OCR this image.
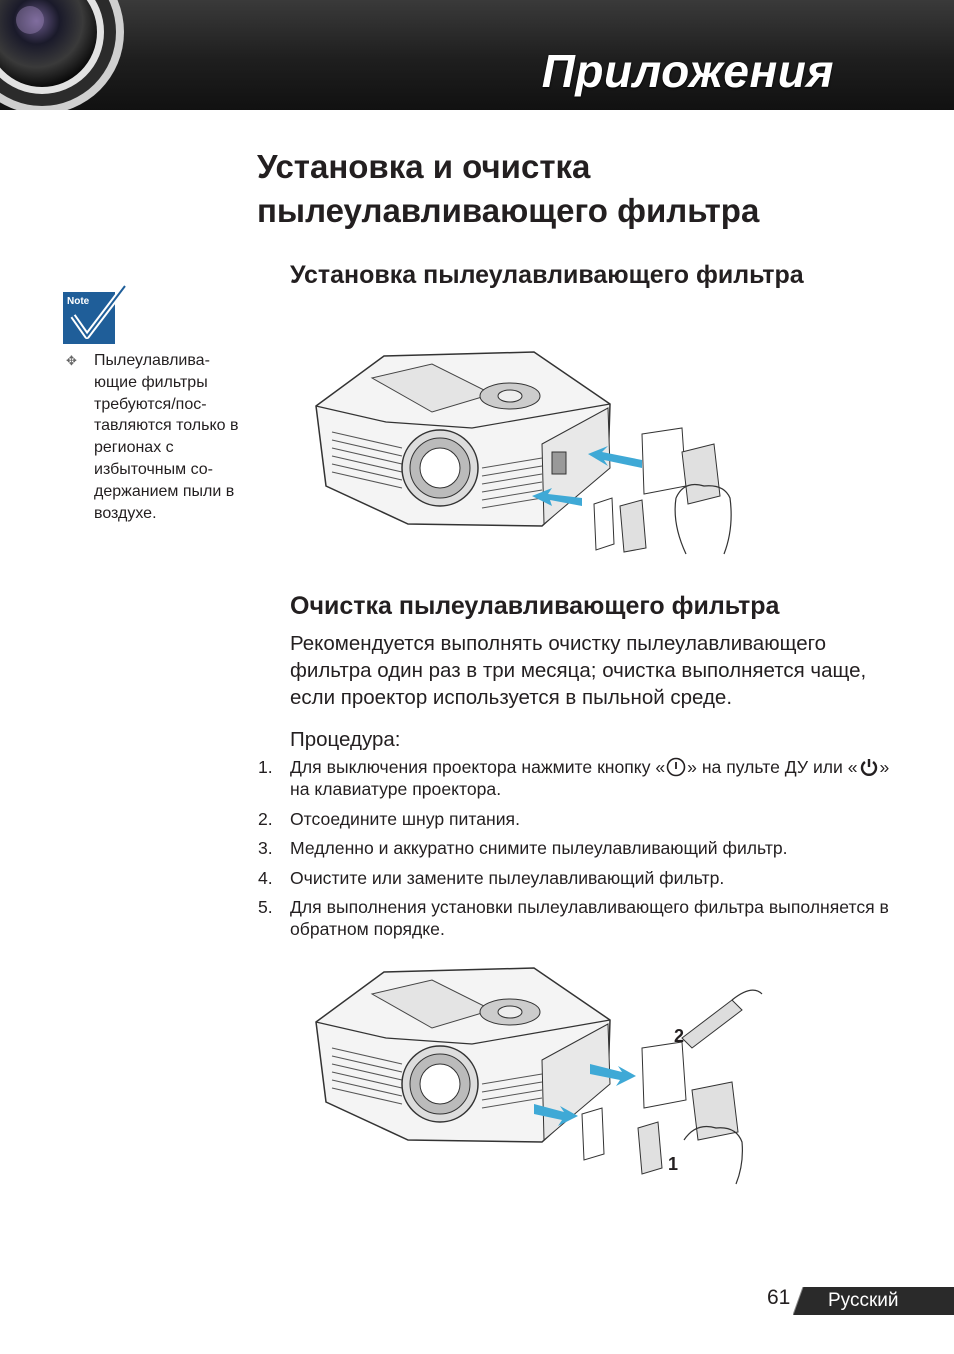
Приложения
Установка и очистка пылеулавливающего фильтра
Установка пылеулавливающего фильтра
Note
✥ Пылеулавлива-ющие фильтры требуются/пос-тавляются только в регионах с избыточным со-держанием пыли в воздухе.
Очистка пылеулавливающего фильтра
Рекомендуется выполнять очистку пылеулавливающего фильтра один раз в три месяца; очистка выполняется чаще, если проектор используется в пыльной среде.
Процедура:
1. Для выключения проектора нажмите кнопку « » на пульте ДУ или « » на клавиатуре проектора.
2. Отсоедините шнур питания.
3. Медленно и аккуратно снимите пылеулавливающий фильтр.
4. Очистите или замените пылеулавливающий фильтр.
5. Для выполнения установки пылеулавливающего фильтра выполняется в обратном порядке.
2
1
61 Русский
